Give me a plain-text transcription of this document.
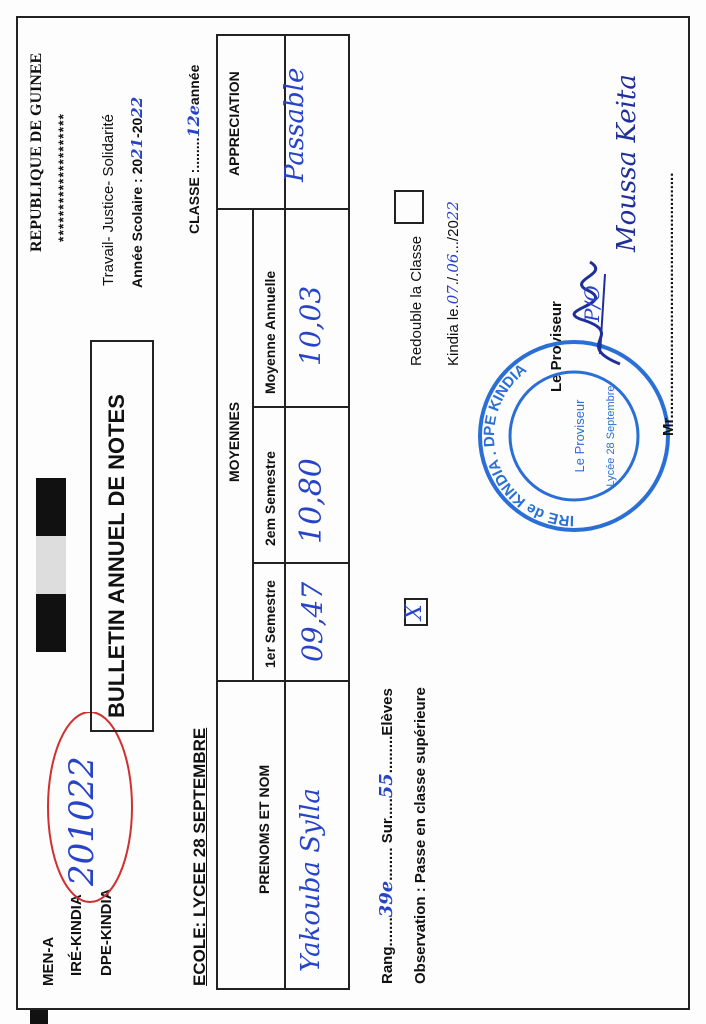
MEN-A IRÉ-KINDIA DPE-KINDIA
201022
REPUBLIQUE DE GUINEE ******************** Travail- Justice- Solidarité Année Scolaire : 2021-2022
CLASSE :........12eannée
BULLETIN ANNUEL DE NOTES
ECOLE: LYCEE 28 SEPTEMBRE	PRENOMS ET NOM
MOYENNES
1er Semestre
2em Semestre
Moyenne Annuelle
APPRECIATION
Yakouba Sylla
09,47
10,80
10,03
Passable
Rang.......39e........ Sur.....55.........Elèves Observation : Passe en classe supérieure
X
Redouble la Classe Kindia le.07./.06.../2022
Le Proviseur
IRE de KINDIA . DPE KINDIA
Le Proviseur Lycée 28 Septembre
P/O
Moussa Keita
Mr...........................................................
